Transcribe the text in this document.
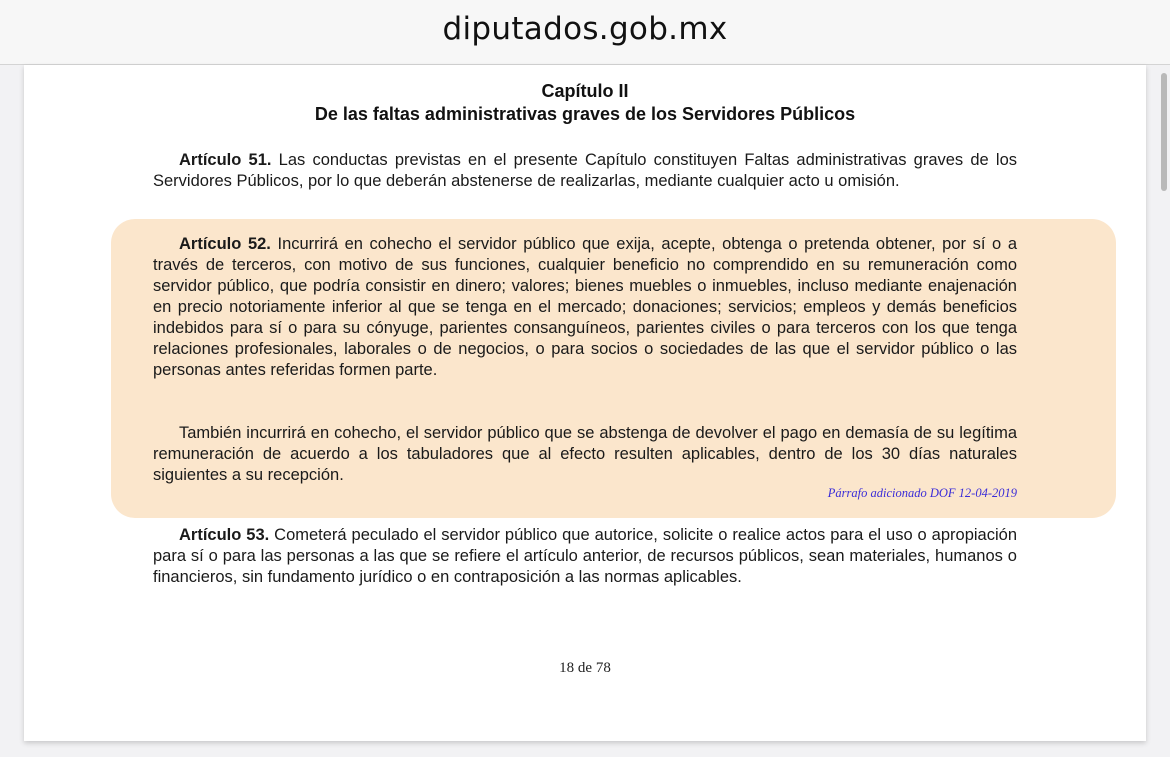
diputados.gob.mx
Capítulo II
De las faltas administrativas graves de los Servidores Públicos

Artículo 51. Las conductas previstas en el presente Capítulo constituyen Faltas administrativas graves de los Servidores Públicos, por lo que deberán abstenerse de realizarlas, mediante cualquier acto u omisión.

Artículo 52. Incurrirá en cohecho el servidor público que exija, acepte, obtenga o pretenda obtener, por sí o a través de terceros, con motivo de sus funciones, cualquier beneficio no comprendido en su remuneración como servidor público, que podría consistir en dinero; valores; bienes muebles o inmuebles, incluso mediante enajenación en precio notoriamente inferior al que se tenga en el mercado; donaciones; servicios; empleos y demás beneficios indebidos para sí o para su cónyuge, parientes consanguíneos, parientes civiles o para terceros con los que tenga relaciones profesionales, laborales o de negocios, o para socios o sociedades de las que el servidor público o las personas antes referidas formen parte.

También incurrirá en cohecho, el servidor público que se abstenga de devolver el pago en demasía de su legítima remuneración de acuerdo a los tabuladores que al efecto resulten aplicables, dentro de los 30 días naturales siguientes a su recepción.

Párrafo adicionado DOF 12-04-2019

Artículo 53. Cometerá peculado el servidor público que autorice, solicite o realice actos para el uso o apropiación para sí o para las personas a las que se refiere el artículo anterior, de recursos públicos, sean materiales, humanos o financieros, sin fundamento jurídico o en contraposición a las normas aplicables.

18 de 78
